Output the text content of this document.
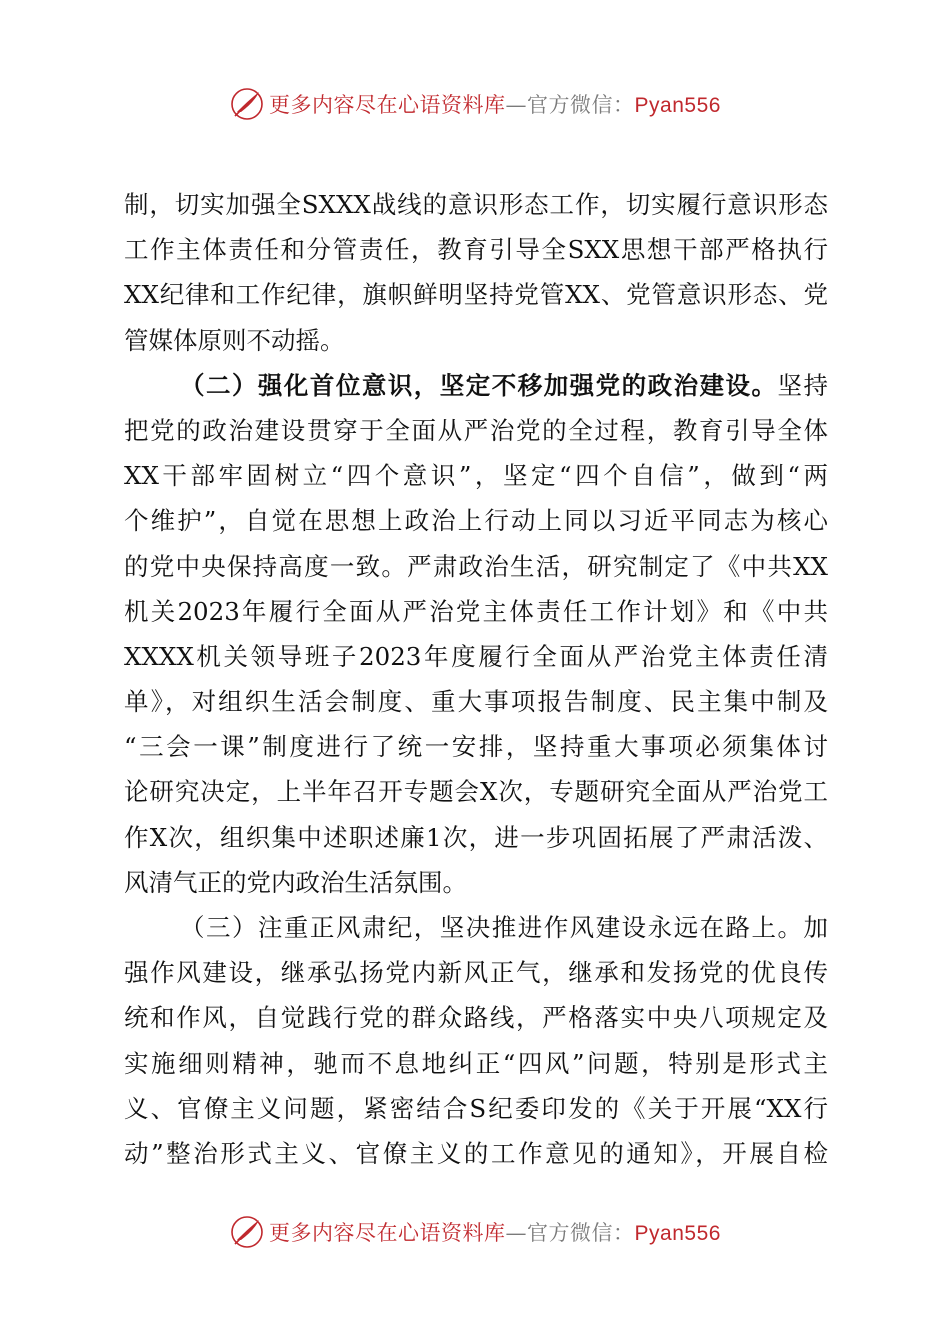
更多内容尽在心语资料库—官方微信：Pyan556
制，切实加强全SXXX战线的意识形态工作，切实履行意识形态
工作主体责任和分管责任，教育引导全SXX思想干部严格执行
XX纪律和工作纪律，旗帜鲜明坚持党管XX、党管意识形态、党
管媒体原则不动摇。
（二）强化首位意识，坚定不移加强党的政治建设。坚持
把党的政治建设贯穿于全面从严治党的全过程，教育引导全体
XX干部牢固树立“四个意识”，坚定“四个自信”，做到“两
个维护”，自觉在思想上政治上行动上同以习近平同志为核心
的党中央保持高度一致。严肃政治生活，研究制定了《中共XX
机关2023年履行全面从严治党主体责任工作计划》和《中共
XXXX机关领导班子2023年度履行全面从严治党主体责任清
单》，对组织生活会制度、重大事项报告制度、民主集中制及
“三会一课”制度进行了统一安排，坚持重大事项必须集体讨
论研究决定，上半年召开专题会X次，专题研究全面从严治党工
作X次，组织集中述职述廉1次，进一步巩固拓展了严肃活泼、
风清气正的党内政治生活氛围。
（三）注重正风肃纪，坚决推进作风建设永远在路上。加
强作风建设，继承弘扬党内新风正气，继承和发扬党的优良传
统和作风，自觉践行党的群众路线，严格落实中央八项规定及
实施细则精神，驰而不息地纠正“四风”问题，特别是形式主
义、官僚主义问题，紧密结合S纪委印发的《关于开展“XX行
动”整治形式主义、官僚主义的工作意见的通知》，开展自检
更多内容尽在心语资料库—官方微信：Pyan556
